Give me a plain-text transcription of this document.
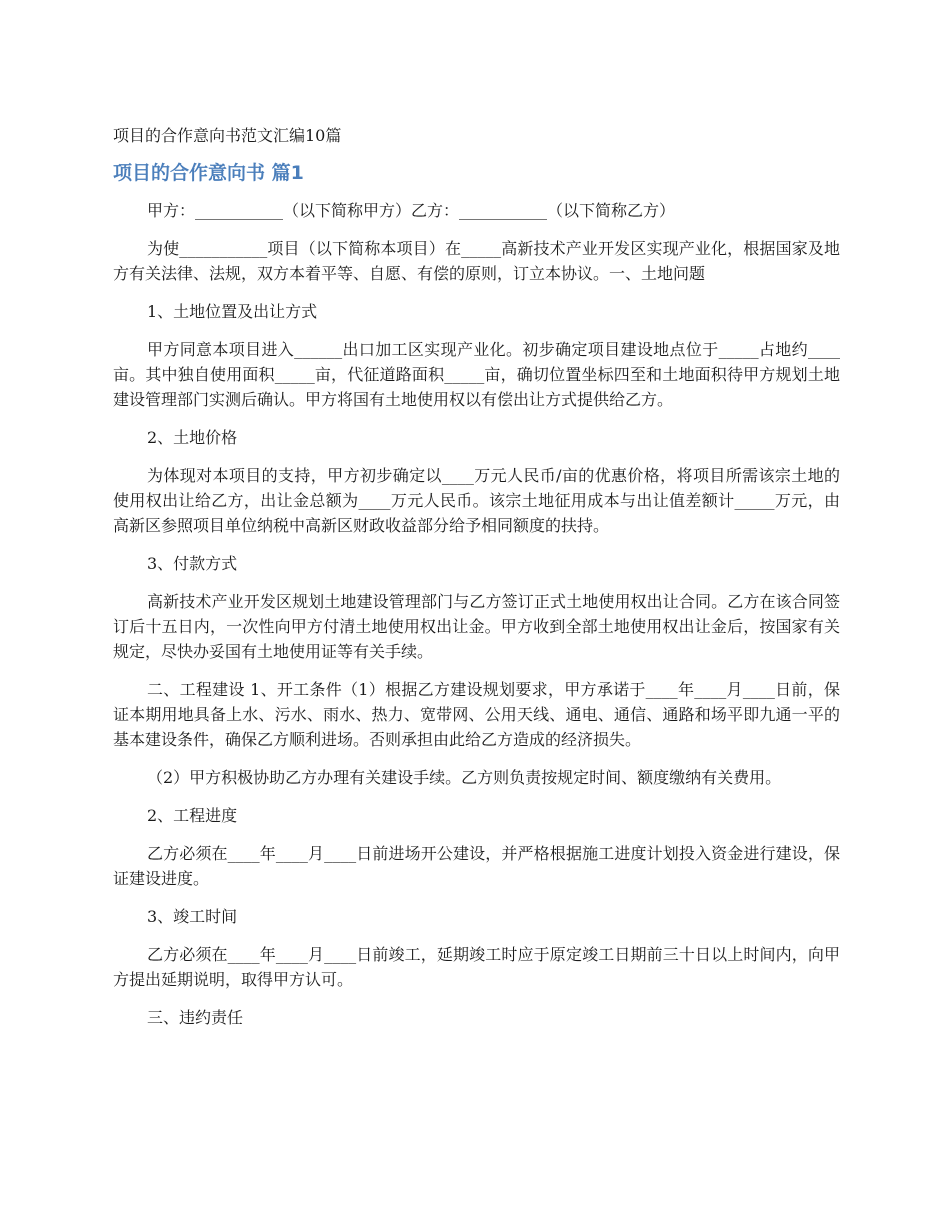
项目的合作意向书范文汇编10篇
项目的合作意向书 篇1

甲方：___________（以下简称甲方）乙方：___________（以下简称乙方）

为使___________项目（以下简称本项目）在_____高新技术产业开发区实现产业化，根据国家及地方有关法律、法规，双方本着平等、自愿、有偿的原则，订立本协议。一、土地问题

1、土地位置及出让方式

甲方同意本项目进入______出口加工区实现产业化。初步确定项目建设地点位于_____占地约____亩。其中独自使用面积_____亩，代征道路面积_____亩，确切位置坐标四至和土地面积待甲方规划土地建设管理部门实测后确认。甲方将国有土地使用权以有偿出让方式提供给乙方。

2、土地价格

为体现对本项目的支持，甲方初步确定以____万元人民币/亩的优惠价格，将项目所需该宗土地的使用权出让给乙方，出让金总额为____万元人民币。该宗土地征用成本与出让值差额计_____万元，由高新区参照项目单位纳税中高新区财政收益部分给予相同额度的扶持。

3、付款方式

高新技术产业开发区规划土地建设管理部门与乙方签订正式土地使用权出让合同。乙方在该合同签订后十五日内，一次性向甲方付清土地使用权出让金。甲方收到全部土地使用权出让金后，按国家有关规定，尽快办妥国有土地使用证等有关手续。

二、工程建设 1、开工条件（1）根据乙方建设规划要求，甲方承诺于____年____月____日前，保证本期用地具备上水、污水、雨水、热力、宽带网、公用天线、通电、通信、通路和场平即九通一平的基本建设条件，确保乙方顺利进场。否则承担由此给乙方造成的经济损失。

（2）甲方积极协助乙方办理有关建设手续。乙方则负责按规定时间、额度缴纳有关费用。

2、工程进度

乙方必须在____年____月____日前进场开公建设，并严格根据施工进度计划投入资金进行建设，保证建设进度。

3、竣工时间

乙方必须在____年____月____日前竣工，延期竣工时应于原定竣工日期前三十日以上时间内，向甲方提出延期说明，取得甲方认可。

三、违约责任
